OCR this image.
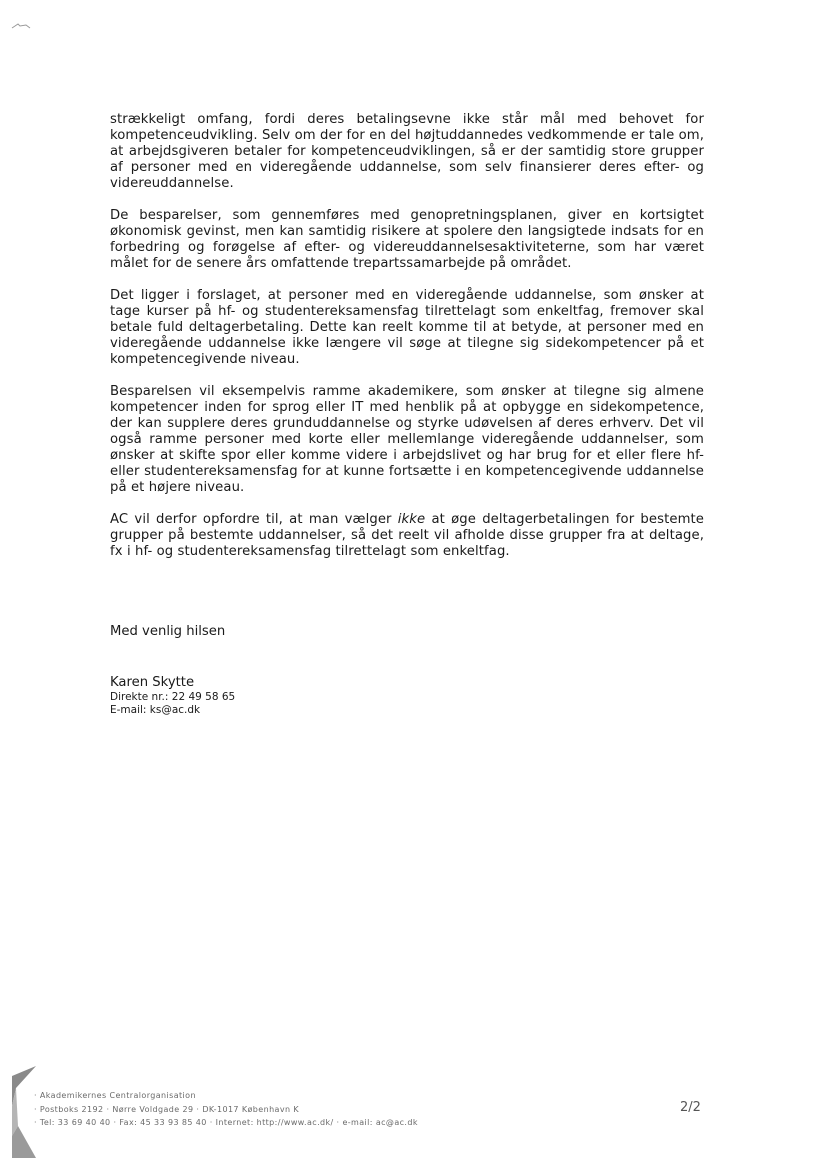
strækkeligt omfang, fordi deres betalingsevne ikke står mål med behovet for kompetenceudvikling. Selv om der for en del højtuddannedes vedkommende er tale om, at arbejdsgiveren betaler for kompetenceudviklingen, så er der samtidig store grupper af personer med en videregående uddannelse, som selv finansierer deres efter- og videreuddannelse.

De besparelser, som gennemføres med genopretningsplanen, giver en kortsigtet økonomisk gevinst, men kan samtidig risikere at spolere den langsigtede indsats for en forbedring og forøgelse af efter- og videreuddannelsesaktiviteterne, som har været målet for de senere års omfattende trepartssamarbejde på området.

Det ligger i forslaget, at personer med en videregående uddannelse, som ønsker at tage kurser på hf- og studentereksamensfag tilrettelagt som enkeltfag, fremover skal betale fuld deltagerbetaling. Dette kan reelt komme til at betyde, at personer med en videregående uddannelse ikke længere vil søge at tilegne sig sidekompetencer på et kompetencegivende niveau.

Besparelsen vil eksempelvis ramme akademikere, som ønsker at tilegne sig almene kompetencer inden for sprog eller IT med henblik på at opbygge en sidekompetence, der kan supplere deres grunduddannelse og styrke udøvelsen af deres erhverv. Det vil også ramme personer med korte eller mellemlange videregående uddannelser, som ønsker at skifte spor eller komme videre i arbejdslivet og har brug for et eller flere hf- eller studentereksamensfag for at kunne fortsætte i en kompetencegivende uddannelse på et højere niveau.

AC vil derfor opfordre til, at man vælger ikke at øge deltagerbetalingen for bestemte grupper på bestemte uddannelser, så det reelt vil afholde disse grupper fra at deltage, fx i hf- og studentereksamensfag tilrettelagt som enkeltfag.

Med venlig hilsen
Karen Skytte
Direkte nr.: 22 49 58 65
E-mail: ks@ac.dk
· Akademikernes Centralorganisation
· Postboks 2192 · Nørre Voldgade 29 · DK-1017 København K
· Tel: 33 69 40 40 · Fax: 45 33 93 85 40 · Internet: http://www.ac.dk/ · e-mail: ac@ac.dk
2/2
